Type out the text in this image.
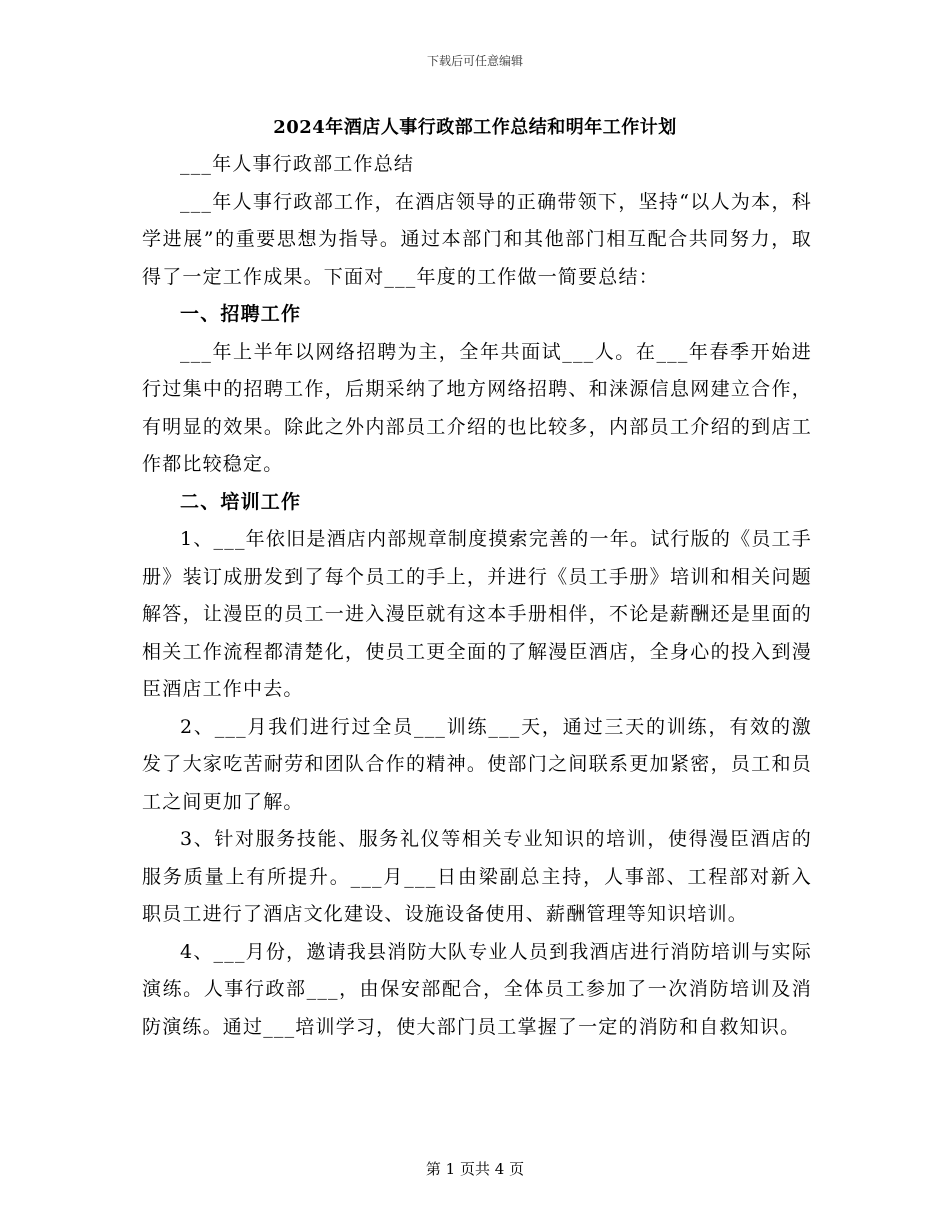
下载后可任意编辑
2024年酒店人事行政部工作总结和明年工作计划

___年人事行政部工作总结

___年人事行政部工作，在酒店领导的正确带领下，坚持“以人为本，科学进展”的重要思想为指导。通过本部门和其他部门相互配合共同努力，取得了一定工作成果。下面对___年度的工作做一简要总结：

一、招聘工作

___年上半年以网络招聘为主，全年共面试___人。在___年春季开始进行过集中的招聘工作，后期采纳了地方网络招聘、和涞源信息网建立合作，有明显的效果。除此之外内部员工介绍的也比较多，内部员工介绍的到店工作都比较稳定。

二、培训工作

1、___年依旧是酒店内部规章制度摸索完善的一年。试行版的《员工手册》装订成册发到了每个员工的手上，并进行《员工手册》培训和相关问题解答，让漫臣的员工一进入漫臣就有这本手册相伴，不论是薪酬还是里面的相关工作流程都清楚化，使员工更全面的了解漫臣酒店，全身心的投入到漫臣酒店工作中去。

2、___月我们进行过全员___训练___天，通过三天的训练，有效的激发了大家吃苦耐劳和团队合作的精神。使部门之间联系更加紧密，员工和员工之间更加了解。

3、针对服务技能、服务礼仪等相关专业知识的培训，使得漫臣酒店的服务质量上有所提升。___月___日由梁副总主持，人事部、工程部对新入职员工进行了酒店文化建设、设施设备使用、薪酬管理等知识培训。

4、___月份，邀请我县消防大队专业人员到我酒店进行消防培训与实际演练。人事行政部___，由保安部配合，全体员工参加了一次消防培训及消防演练。通过___培训学习，使大部门员工掌握了一定的消防和自救知识。

第 1 页共 4 页
